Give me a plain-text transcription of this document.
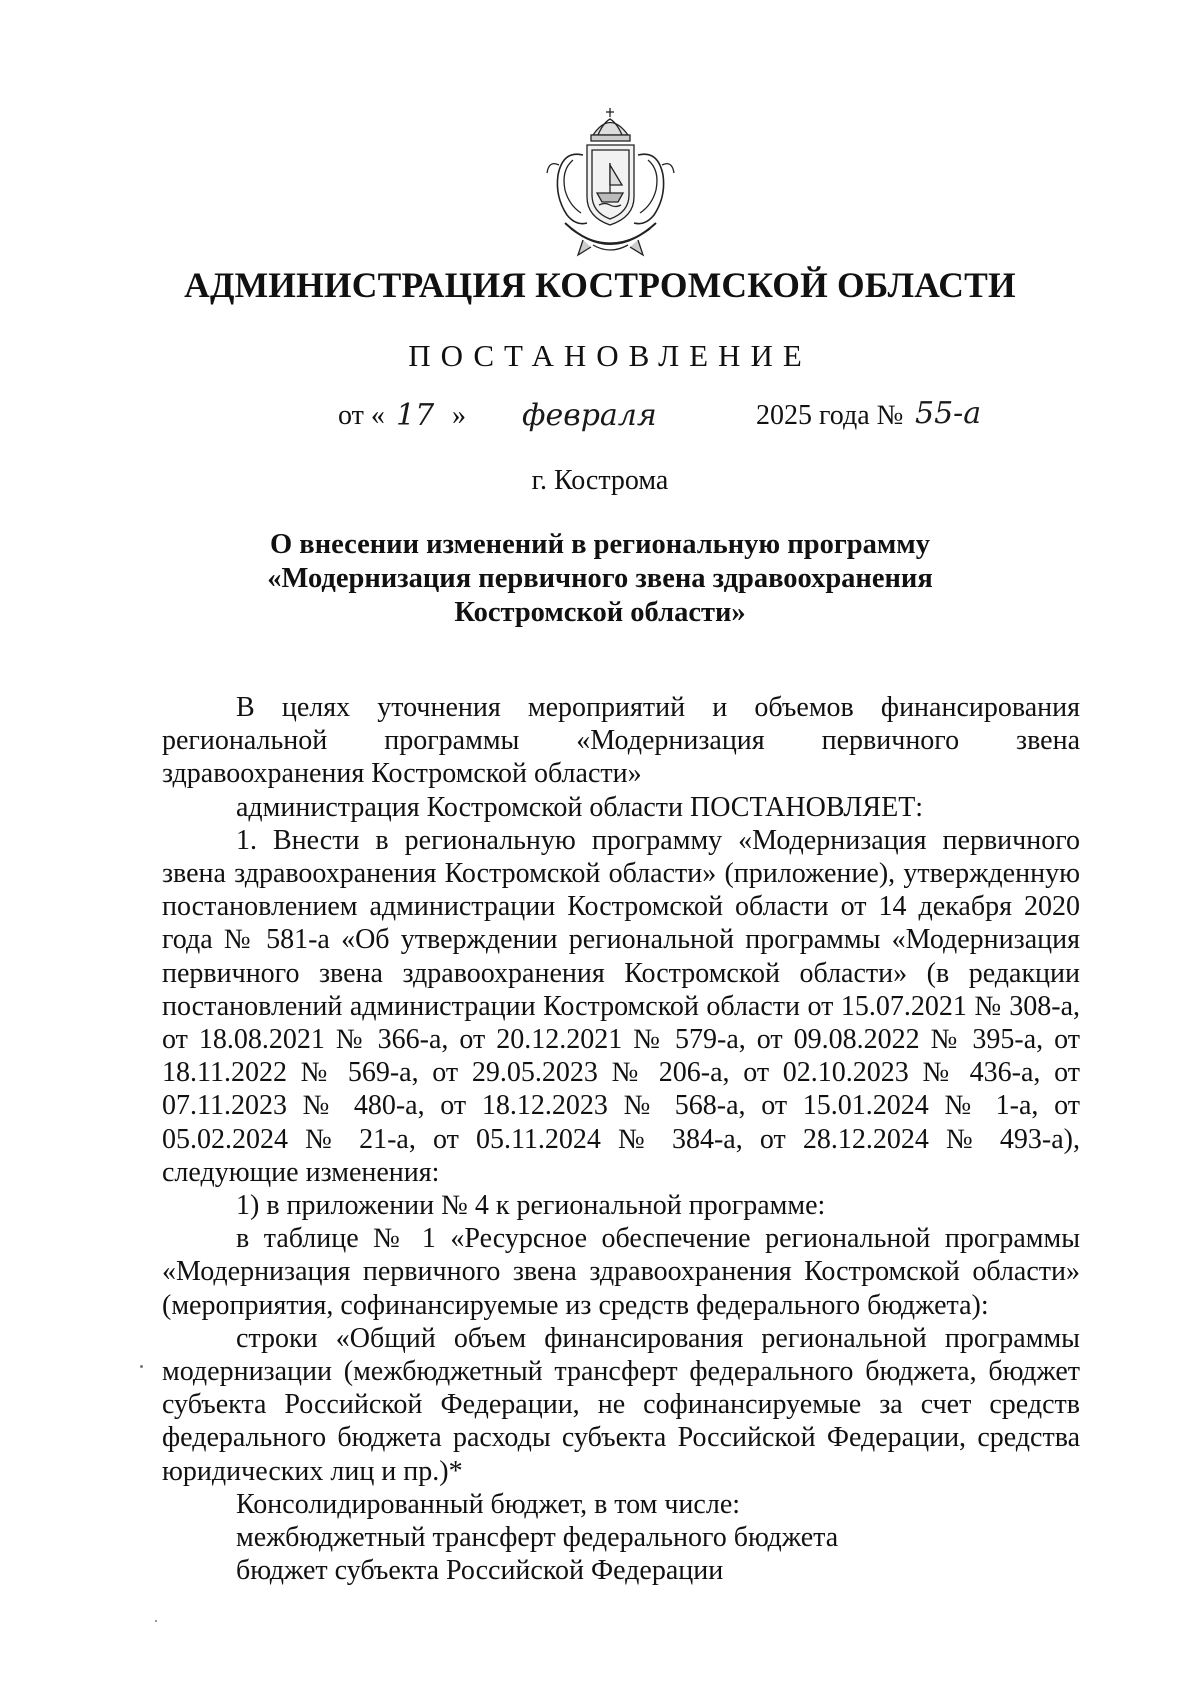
АДМИНИСТРАЦИЯ КОСТРОМСКОЙ ОБЛАСТИ
ПОСТАНОВЛЕНИЕ
от « 17 » февраля	2025 года № 55-а
г. Кострома
О внесении изменений в региональную программу
«Модернизация первичного звена здравоохранения
Костромской области»

В целях уточнения мероприятий и объемов финансирования региональной программы «Модернизация первичного звена здравоохранения Костромской области»

администрация Костромской области ПОСТАНОВЛЯЕТ:

1. Внести в региональную программу «Модернизация первичного звена здравоохранения Костромской области» (приложение), утвержденную постановлением администрации Костромской области от 14 декабря 2020 года № 581-а «Об утверждении региональной программы «Модернизация первичного звена здравоохранения Костромской области» (в редакции постановлений администрации Костромской области от 15.07.2021 № 308-а, от 18.08.2021 № 366-а, от 20.12.2021 № 579-а, от 09.08.2022 № 395-а, от 18.11.2022 № 569-а, от 29.05.2023 № 206-а, от 02.10.2023 № 436-а, от 07.11.2023 № 480-а, от 18.12.2023 № 568-а, от 15.01.2024 № 1-а, от 05.02.2024 № 21-а, от 05.11.2024 № 384-а, от 28.12.2024 № 493-а), следующие изменения:

1) в приложении № 4 к региональной программе:

в таблице № 1 «Ресурсное обеспечение региональной программы «Модернизация первичного звена здравоохранения Костромской области» (мероприятия, софинансируемые из средств федерального бюджета):

строки «Общий объем финансирования региональной программы модернизации (межбюджетный трансферт федерального бюджета, бюджет субъекта Российской Федерации, не софинансируемые за счет средств федерального бюджета расходы субъекта Российской Федерации, средства юридических лиц и пр.)*

Консолидированный бюджет, в том числе:

межбюджетный трансферт федерального бюджета

бюджет субъекта Российской Федерации
